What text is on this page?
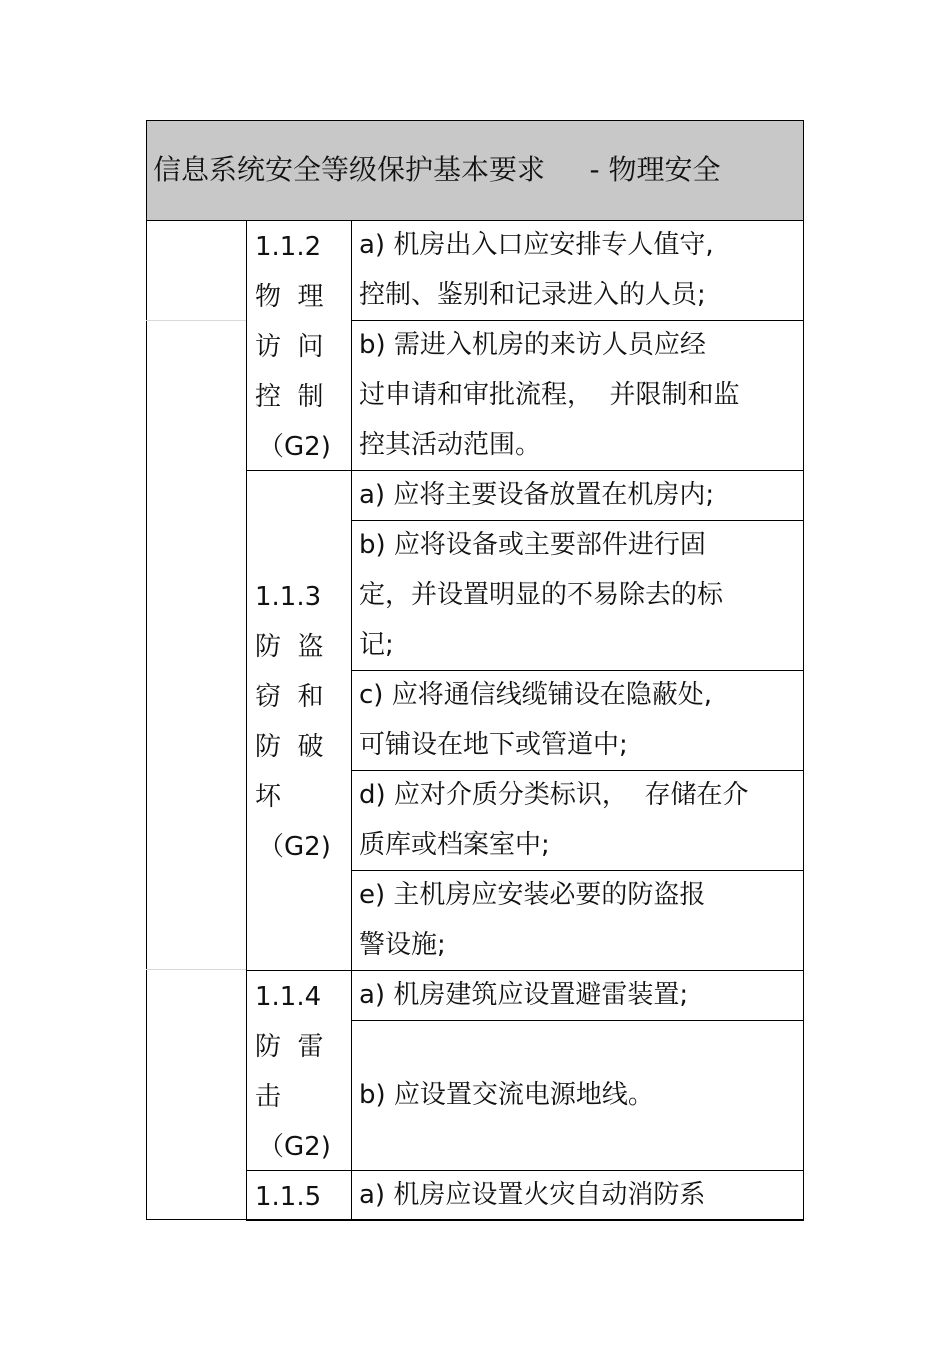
信息系统安全等级保护基本要求     - 物理安全
a) 机房出入口应安排专人值守,
控制、鉴别和记录进入的人员;
b) 需进入机房的来访人员应经
过申请和审批流程，  并限制和监
控其活动范围。
1.1.2
物  理
访  问
控  制
（G2)
a) 应将主要设备放置在机房内;
b) 应将设备或主要部件进行固
定，并设置明显的不易除去的标
记;
c) 应将通信线缆铺设在隐蔽处,
可铺设在地下或管道中;
d) 应对介质分类标识，  存储在介
质库或档案室中;
e) 主机房应安装必要的防盗报
警设施;
1.1.3
防  盗
窃  和
防  破
坏
（G2)
a) 机房建筑应设置避雷装置;
b) 应设置交流电源地线。
1.1.4
防  雷
击
（G2)
a) 机房应设置火灾自动消防系
1.1.5
